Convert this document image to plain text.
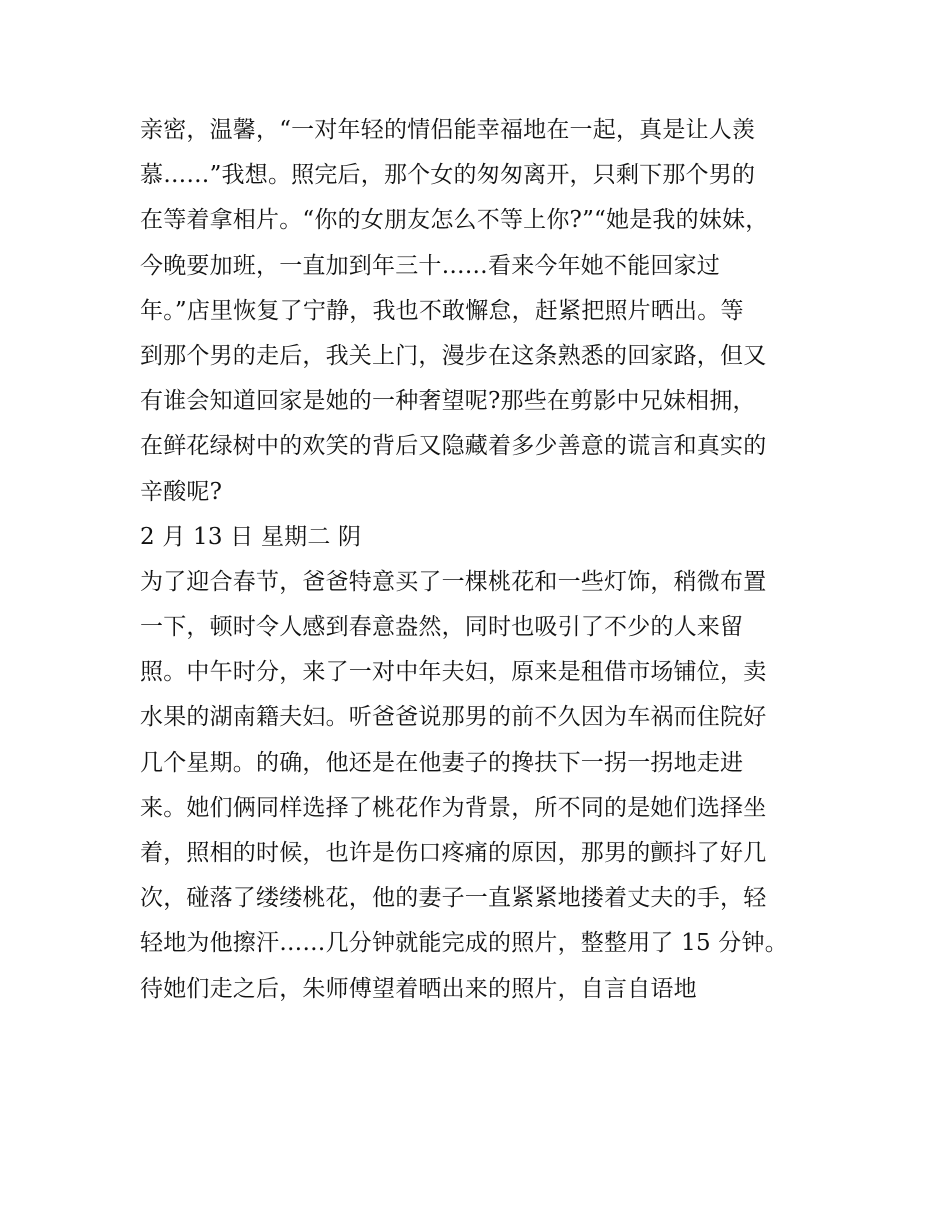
亲密，温馨，“一对年轻的情侣能幸福地在一起，真是让人羡
慕……”我想。照完后，那个女的匆匆离开，只剩下那个男的
在等着拿相片。“你的女朋友怎么不等上你?”“她是我的妹妹，
今晚要加班，一直加到年三十……看来今年她不能回家过
年。”店里恢复了宁静，我也不敢懈怠，赶紧把照片晒出。等
到那个男的走后，我关上门，漫步在这条熟悉的回家路，但又
有谁会知道回家是她的一种奢望呢?那些在剪影中兄妹相拥，
在鲜花绿树中的欢笑的背后又隐藏着多少善意的谎言和真实的
辛酸呢?
2 月 13 日 星期二 阴
为了迎合春节，爸爸特意买了一棵桃花和一些灯饰，稍微布置
一下，顿时令人感到春意盎然，同时也吸引了不少的人来留
照。中午时分，来了一对中年夫妇，原来是租借市场铺位，卖
水果的湖南籍夫妇。听爸爸说那男的前不久因为车祸而住院好
几个星期。的确，他还是在他妻子的搀扶下一拐一拐地走进
来。她们俩同样选择了桃花作为背景，所不同的是她们选择坐
着，照相的时候，也许是伤口疼痛的原因，那男的颤抖了好几
次，碰落了缕缕桃花，他的妻子一直紧紧地搂着丈夫的手，轻
轻地为他擦汗……几分钟就能完成的照片，整整用了 15 分钟。
待她们走之后，朱师傅望着晒出来的照片，自言自语地
